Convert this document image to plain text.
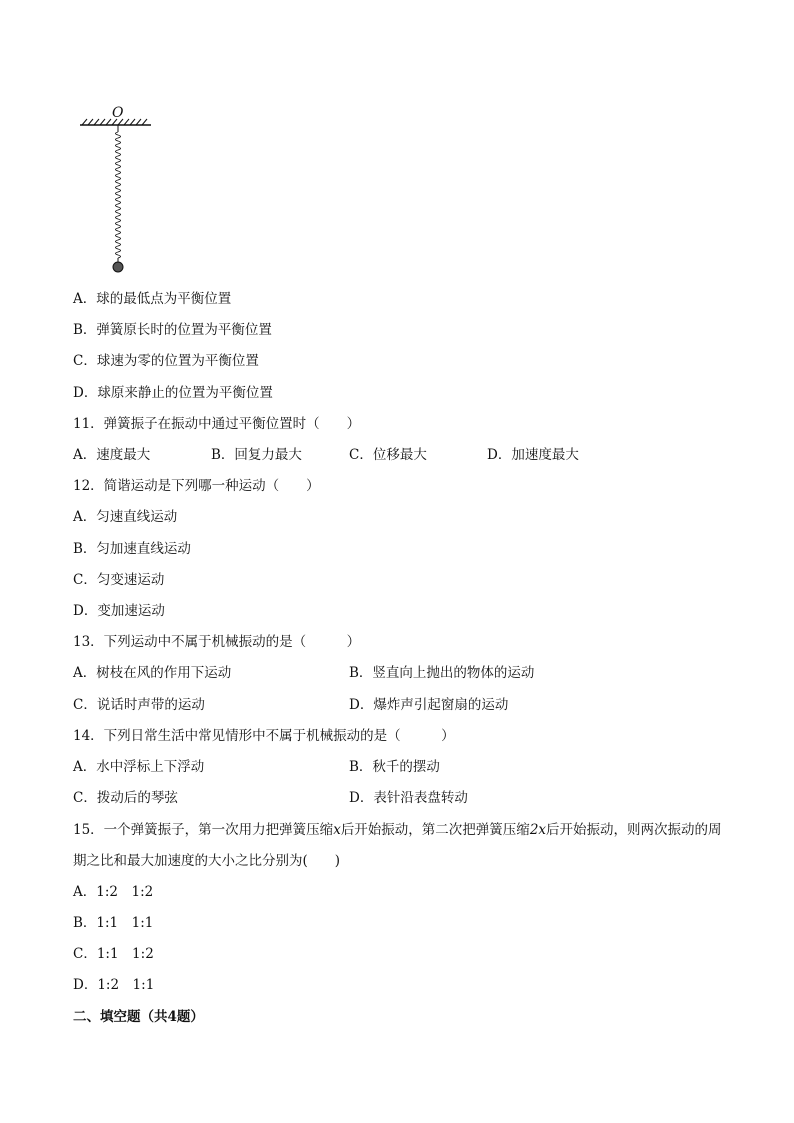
O
A．球的最低点为平衡位置
B．弹簧原长时的位置为平衡位置
C．球速为零的位置为平衡位置
D．球原来静止的位置为平衡位置
11．弹簧振子在振动中通过平衡位置时（　　）
A．速度最大	B．回复力最大	C．位移最大	D．加速度最大
12．简谐运动是下列哪一种运动（　　）
A．匀速直线运动
B．匀加速直线运动
C．匀变速运动
D．变加速运动
13．下列运动中不属于机械振动的是（　　　）
A．树枝在风的作用下运动	B．竖直向上抛出的物体的运动
C．说话时声带的运动	D．爆炸声引起窗扇的运动
14．下列日常生活中常见情形中不属于机械振动的是（　　　）
A．水中浮标上下浮动	B．秋千的摆动
C．拨动后的琴弦	D．表针沿表盘转动
15．一个弹簧振子，第一次用力把弹簧压缩x后开始振动，第二次把弹簧压缩2x后开始振动，则两次振动的周期之比和最大加速度的大小之比分别为(　　)
A．1:2　1:2
B．1:1　1:1
C．1:1　1:2
D．1:2　1:1
二、填空题（共4题）
